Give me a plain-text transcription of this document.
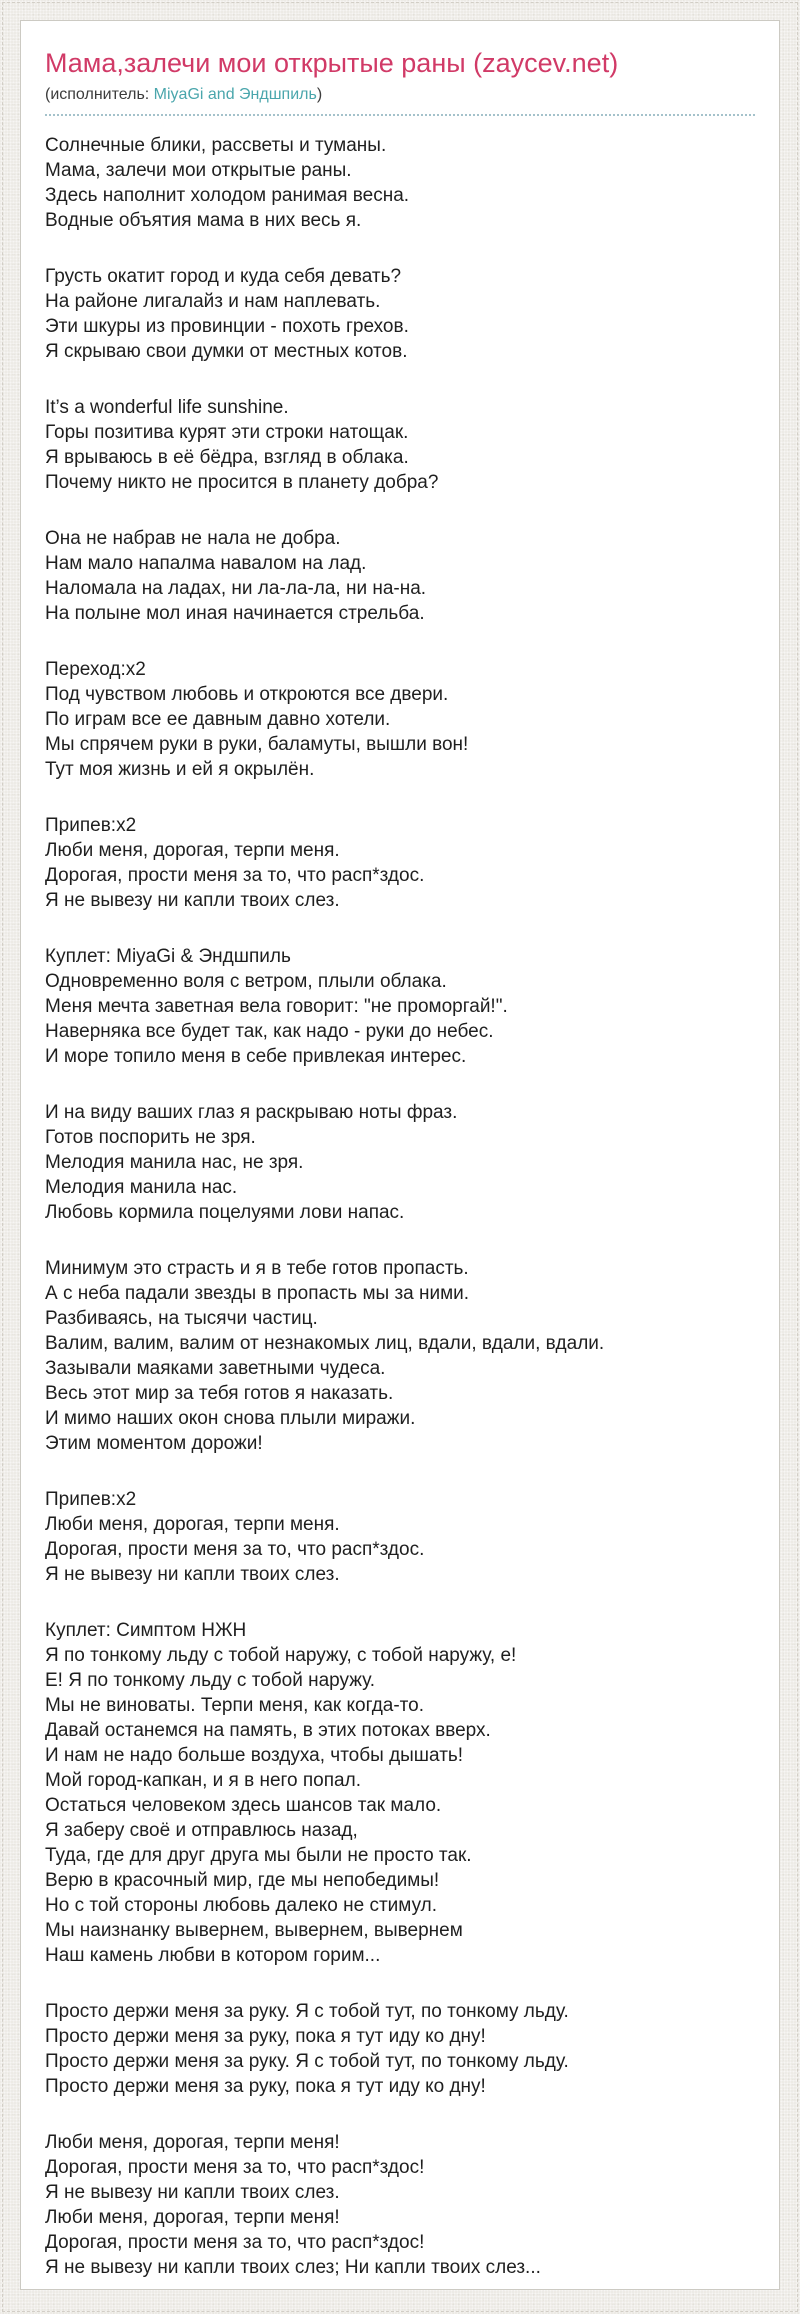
Мама,залечи мои открытые раны (zaycev.net)
(исполнитель: MiyaGi and Эндшпиль)
Солнечные блики, рассветы и туманы.
Мама, залечи мои открытые раны.
Здесь наполнит холодом ранимая весна.
Водные объятия мама в них весь я.
Грусть окатит город и куда себя девать?
На районе лигалайз и нам наплевать.
Эти шкуры из провинции - похоть грехов.
Я скрываю свои думки от местных котов.
It’s a wonderful life sunshine.
Горы позитива курят эти строки натощак.
Я врываюсь в её бёдра, взгляд в облака.
Почему никто не просится в планету добра?
Она не набрав не нала не добра.
Нам мало напалма навалом на лад.
Наломала на ладах, ни ла-ла-ла, ни на-на.
На полыне мол иная начинается стрельба.
Переход:x2
Под чувством любовь и откроются все двери.
По играм все ее давным давно хотели.
Мы спрячем руки в руки, баламуты, вышли вон!
Тут моя жизнь и ей я окрылён.
Припев:x2
Люби меня, дорогая, терпи меня.
Дорогая, прости меня за то, что расп*здос.
Я не вывезу ни капли твоих слез.
Куплет: MiyaGi & Эндшпиль
Одновременно воля с ветром, плыли облака.
Меня мечта заветная вела говорит: "не проморгай!".
Наверняка все будет так, как надо - руки до небес.
И море топило меня в себе привлекая интерес.
И на виду ваших глаз я раскрываю ноты фраз.
Готов поспорить не зря.
Мелодия манила нас, не зря.
Мелодия манила нас.
Любовь кормила поцелуями лови напас.
Минимум это страсть и я в тебе готов пропасть.
А с неба падали звезды в пропасть мы за ними.
Разбиваясь, на тысячи частиц.
Валим, валим, валим от незнакомых лиц, вдали, вдали, вдали.
Зазывали маяками заветными чудеса.
Весь этот мир за тебя готов я наказать.
И мимо наших окон снова плыли миражи.
Этим моментом дорожи!
Припев:x2
Люби меня, дорогая, терпи меня.
Дорогая, прости меня за то, что расп*здос.
Я не вывезу ни капли твоих слез.
Куплет: Симптом НЖН
Я по тонкому льду с тобой наружу, с тобой наружу, е!
Е! Я по тонкому льду с тобой наружу.
Мы не виноваты. Терпи меня, как когда-то.
Давай останемся на память, в этих потоках вверх.
И нам не надо больше воздуха, чтобы дышать!
Мой город-капкан, и я в него попал.
Остаться человеком здесь шансов так мало.
Я заберу своё и отправлюсь назад,
Туда, где для друг друга мы были не просто так.
Верю в красочный мир, где мы непобедимы!
Но с той стороны любовь далеко не стимул.
Мы наизнанку вывернем, вывернем, вывернем
Наш камень любви в котором горим...
Просто держи меня за руку. Я с тобой тут, по тонкому льду.
Просто держи меня за руку, пока я тут иду ко дну!
Просто держи меня за руку. Я с тобой тут, по тонкому льду.
Просто держи меня за руку, пока я тут иду ко дну!
Люби меня, дорогая, терпи меня!
Дорогая, прости меня за то, что расп*здос!
Я не вывезу ни капли твоих слез.
Люби меня, дорогая, терпи меня!
Дорогая, прости меня за то, что расп*здос!
Я не вывезу ни капли твоих слез; Ни капли твоих слез...
